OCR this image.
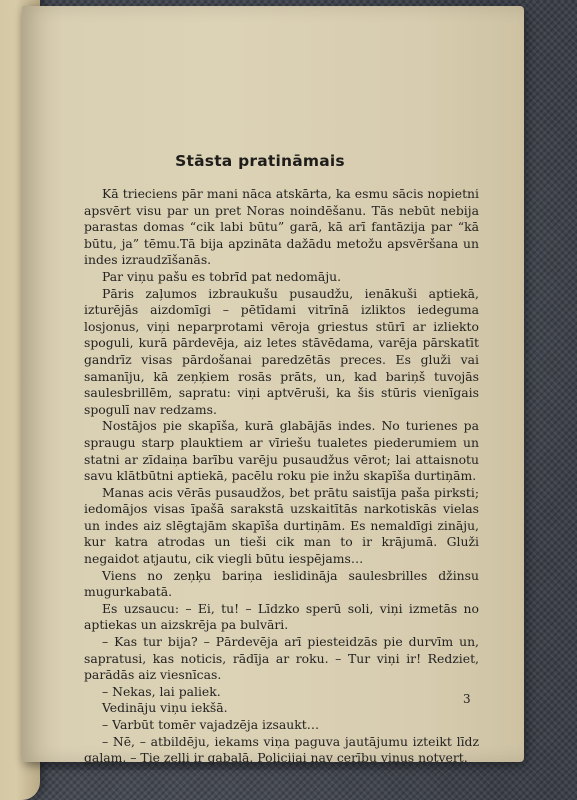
Stāsta pratināmais

Kā trieciens pār mani nāca atskārta, ka esmu sācis nopietni apsvērt visu par un pret Noras noindēšanu. Tās nebūt nebija parastas domas “cik labi būtu” garā, kā arī fantāzija par “kā būtu, ja” tēmu.Tā bija apzināta dažādu metožu apsvēršana un indes izraudzīšanās.

Par viņu pašu es tobrīd pat nedomāju.

Pāris zaļumos izbraukušu pusaudžu, ienākuši aptiekā, izturējās aizdomīgi – pētīdami vitrīnā izliktos iedeguma losjonus, viņi neparprotami vēroja griestus stūrī ar izliekto spoguli, kurā pārdevēja, aiz letes stāvēdama, varēja pārskatīt gandrīz visas pārdošanai paredzētās preces. Es gluži vai samanīju, kā zeņķiem rosās prāts, un, kad bariņš tuvojās saulesbrillēm, sapratu: viņi aptvēruši, ka šis stūris vienīgais spogulī nav redzams.

Nostājos pie skapīša, kurā glabājās indes. No turienes pa spraugu starp plauktiem ar vīriešu tualetes piederumiem un statni ar zīdaiņa barību varēju pusaudžus vērot; lai attaisnotu savu klātbūtni aptiekā, pacēlu roku pie inžu skapīša durtiņām.

Manas acis vērās pusaudžos, bet prātu saistīja paša pirksti; iedomājos visas īpašā sarakstā uzskaitītās narkotiskās vielas un indes aiz slēgtajām skapīša durtiņām. Es nemaldīgi zināju, kur katra atrodas un tieši cik man to ir krājumā. Gluži negaidot atjautu, cik viegli būtu iespējams…

Viens no zeņķu bariņa ieslidināja saulesbrilles džinsu mugurkabatā.

Es uzsaucu: – Ei, tu! – Līdzko sperū soli, viņi izmetās no aptiekas un aizskrēja pa bulvāri.

– Kas tur bija? – Pārdevēja arī piesteidzās pie durvīm un, sapratusi, kas noticis, rādīja ar roku. – Tur viņi ir! Redziet, parādās aiz viesnīcas.

– Nekas, lai paliek.

Vedināju viņu iekšā.

– Varbūt tomēr vajadzēja izsaukt…

– Nē, – atbildēju, iekams viņa paguva jautājumu izteikt līdz galam. – Tie zeļļi ir gabalā. Policijai nav cerību viņus notvert.

3
